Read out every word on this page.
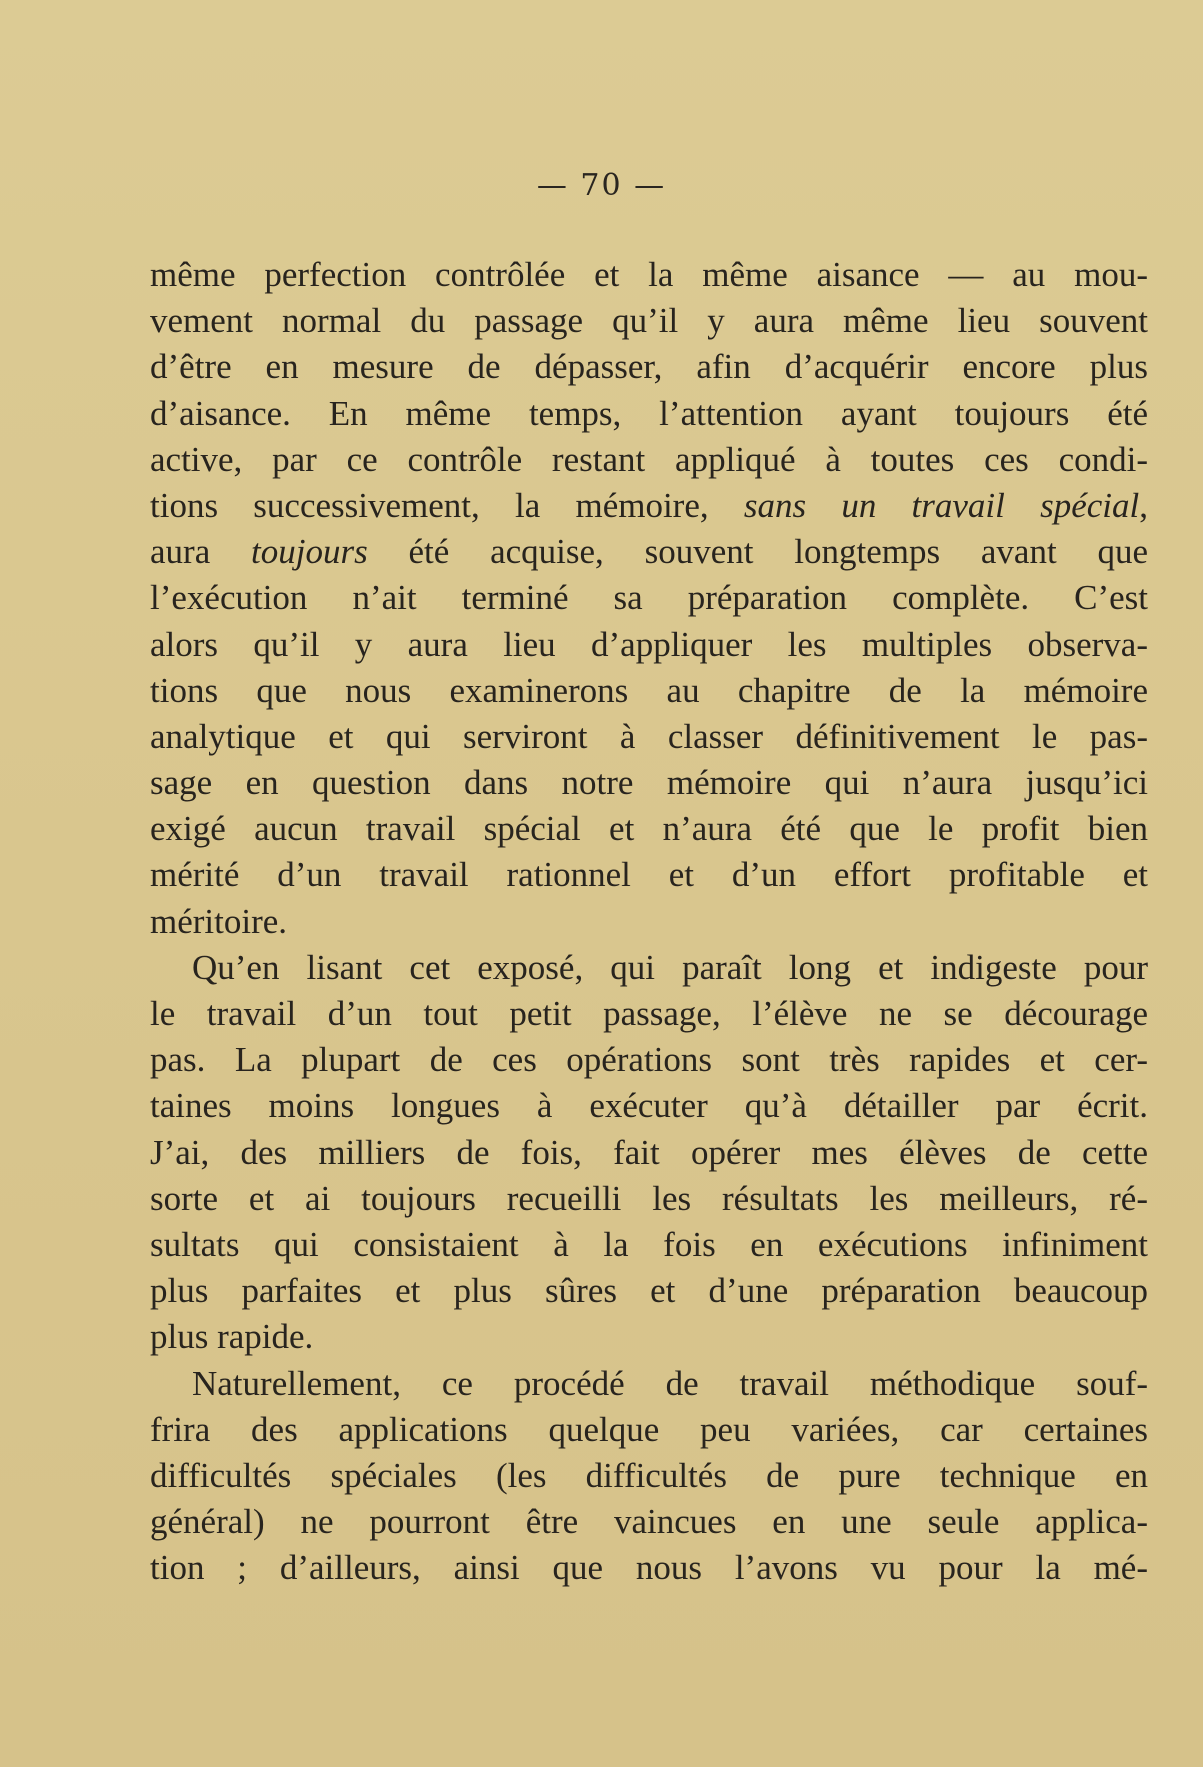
— 70 —
même perfection contrôlée et la même aisance — au mou-
vement normal du passage qu’il y aura même lieu souvent
d’être en mesure de dépasser, afin d’acquérir encore plus
d’aisance. En même temps, l’attention ayant toujours été
active, par ce contrôle restant appliqué à toutes ces condi-
tions successivement, la mémoire, sans un travail spécial,
aura toujours été acquise, souvent longtemps avant que
l’exécution n’ait terminé sa préparation complète. C’est
alors qu’il y aura lieu d’appliquer les multiples observa-
tions que nous examinerons au chapitre de la mémoire
analytique et qui serviront à classer définitivement le pas-
sage en question dans notre mémoire qui n’aura jusqu’ici
exigé aucun travail spécial et n’aura été que le profit bien
mérité d’un travail rationnel et d’un effort profitable et
méritoire.
Qu’en lisant cet exposé, qui paraît long et indigeste pour
le travail d’un tout petit passage, l’élève ne se décourage
pas. La plupart de ces opérations sont très rapides et cer-
taines moins longues à exécuter qu’à détailler par écrit.
J’ai, des milliers de fois, fait opérer mes élèves de cette
sorte et ai toujours recueilli les résultats les meilleurs, ré-
sultats qui consistaient à la fois en exécutions infiniment
plus parfaites et plus sûres et d’une préparation beaucoup
plus rapide.
Naturellement, ce procédé de travail méthodique souf-
frira des applications quelque peu variées, car certaines
difficultés spéciales (les difficultés de pure technique en
général) ne pourront être vaincues en une seule applica-
tion ; d’ailleurs, ainsi que nous l’avons vu pour la mé-
